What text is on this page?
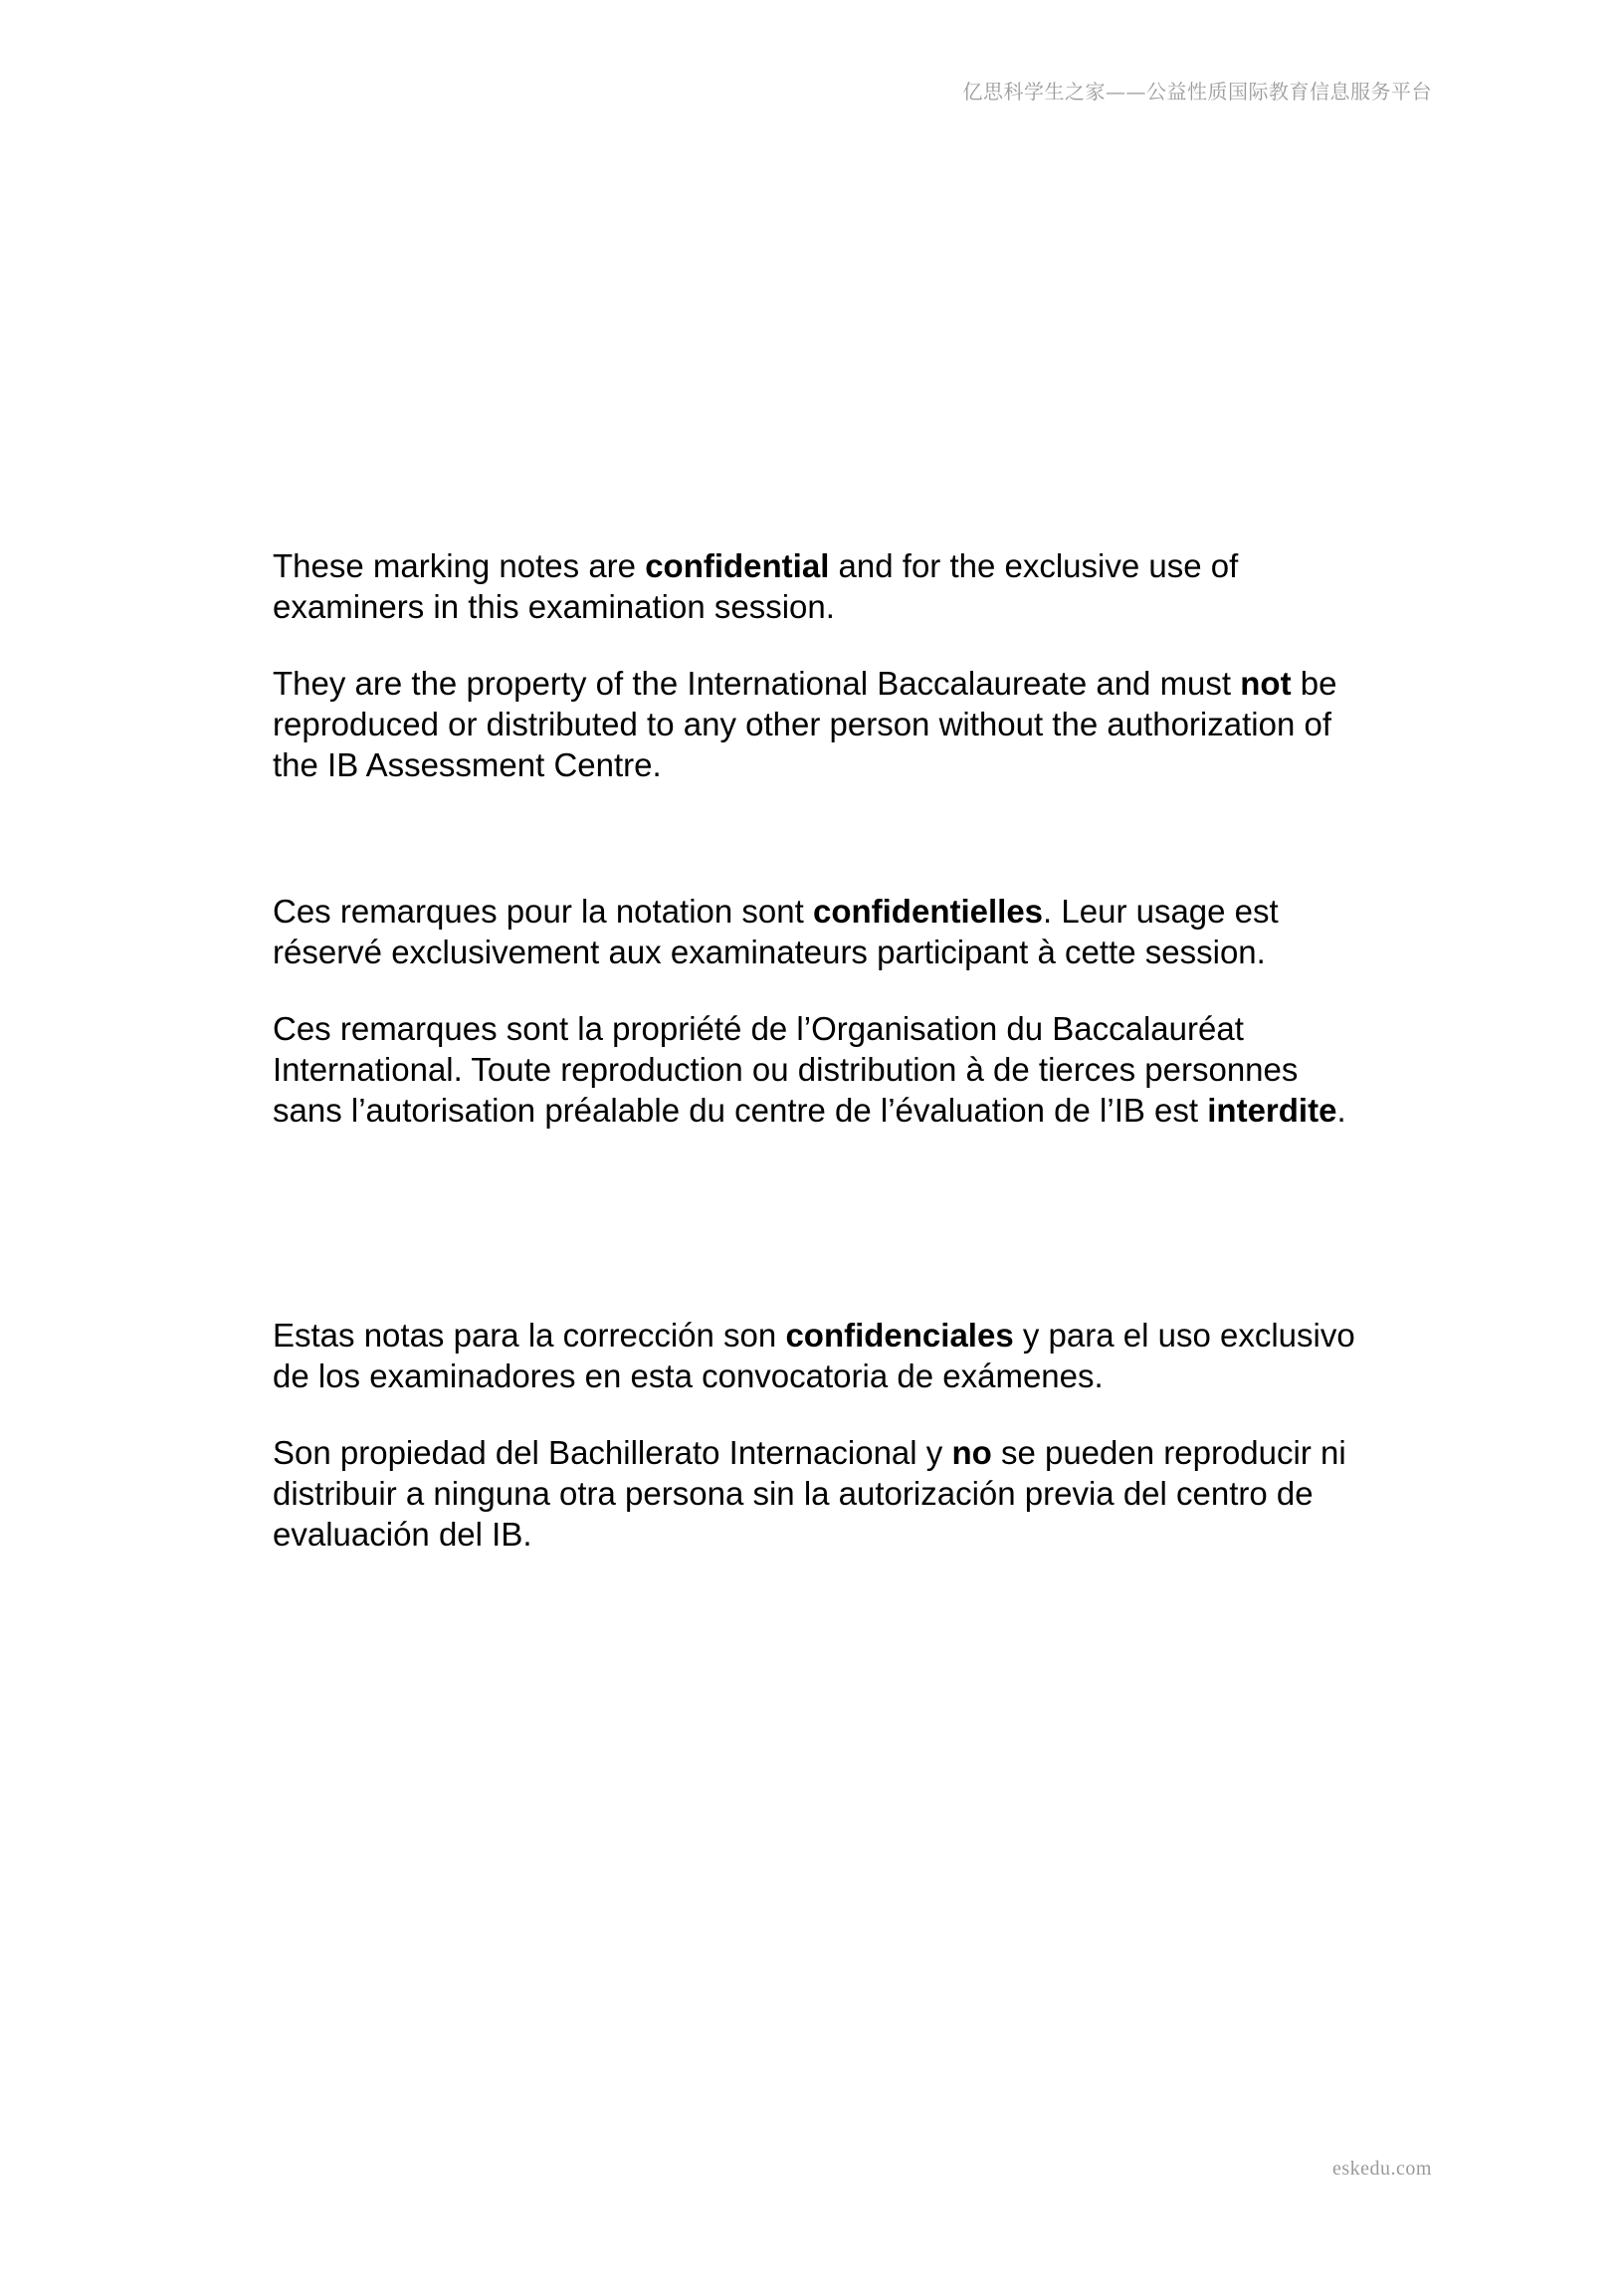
亿思科学生之家——公益性质国际教育信息服务平台

These marking notes are confidential and for the exclusive use of examiners in this examination session.

They are the property of the International Baccalaureate and must not be reproduced or distributed to any other person without the authorization of the IB Assessment Centre.

Ces remarques pour la notation sont confidentielles. Leur usage est réservé exclusivement aux examinateurs participant à cette session.

Ces remarques sont la propriété de l’Organisation du Baccalauréat International. Toute reproduction ou distribution à de tierces personnes sans l’autorisation préalable du centre de l’évaluation de l’IB est interdite.

Estas notas para la corrección son confidenciales y para el uso exclusivo de los examinadores en esta convocatoria de exámenes.

Son propiedad del Bachillerato Internacional y no se pueden reproducir ni distribuir a ninguna otra persona sin la autorización previa del centro de evaluación del IB.

eskedu.com
